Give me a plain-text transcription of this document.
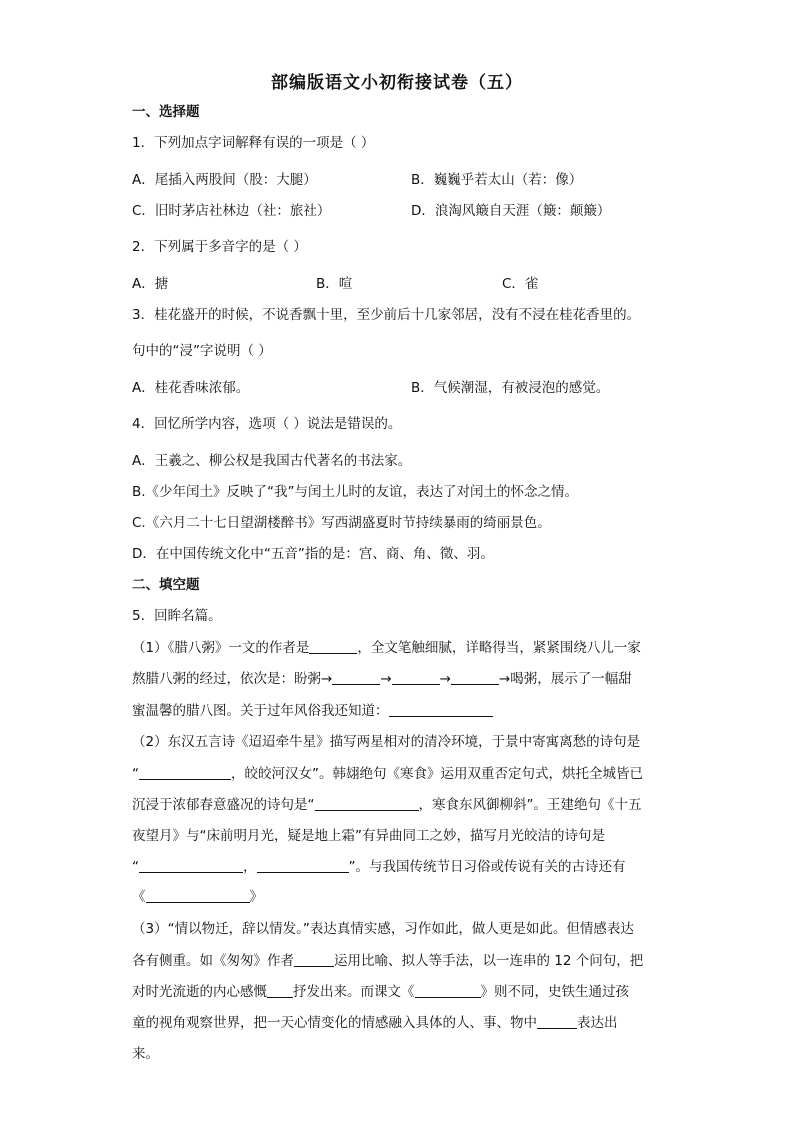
部编版语文小初衔接试卷（五）
一、选择题
1．下列加点字词解释有误的一项是（ ）
A．尾插入两股间（股：大腿）	B．巍巍乎若太山（若：像）
C．旧时茅店社林边（社：旅社）	D．浪淘风簸自天涯（簸：颠簸）
2．下列属于多音字的是（ ）
A．搪	B．喧	C．雀
3．桂花盛开的时候，不说香飘十里，至少前后十几家邻居，没有不浸在桂花香里的。
句中的“浸”字说明（ ）
A．桂花香味浓郁。	B．气候潮湿，有被浸泡的感觉。
4．回忆所学内容，选项（ ）说法是错误的。
A．王羲之、柳公权是我国古代著名的书法家。
B.《少年闰土》反映了“我”与闰土儿时的友谊，表达了对闰土的怀念之情。
C.《六月二十七日望湖楼醉书》写西湖盛夏时节持续暴雨的绮丽景色。
D．在中国传统文化中“五音”指的是：宫、商、角、徵、羽。
二、填空题
5．回眸名篇。
（1）《腊八粥》一文的作者是	，全文笔触细腻，详略得当，紧紧围绕八儿一家
熬腊八粥的经过，依次是：盼粥→	→	→	→喝粥，展示了一幅甜
蜜温馨的腊八图。关于过年风俗我还知道：
（2）东汉五言诗《迢迢牵牛星》描写两星相对的清冷环境，于景中寄寓离愁的诗句是
“	，皎皎河汉女”。韩翃绝句《寒食》运用双重否定句式，烘托全城皆已
沉浸于浓郁春意盛况的诗句是“	，寒食东风御柳斜”。王建绝句《十五
夜望月》与“床前明月光，疑是地上霜”有异曲同工之妙，描写月光皎洁的诗句是
“	，	”。与我国传统节日习俗或传说有关的古诗还有
《	》
（3）“情以物迁，辞以情发。”表达真情实感，习作如此，做人更是如此。但情感表达
各有侧重。如《匆匆》作者	运用比喻、拟人等手法，以一连串的 12 个问句，把
对时光流逝的内心感慨 抒发出来。而课文《	》则不同，史铁生通过孩
童的视角观察世界，把一天心情变化的情感融入具体的人、事、物中	表达出
来。
